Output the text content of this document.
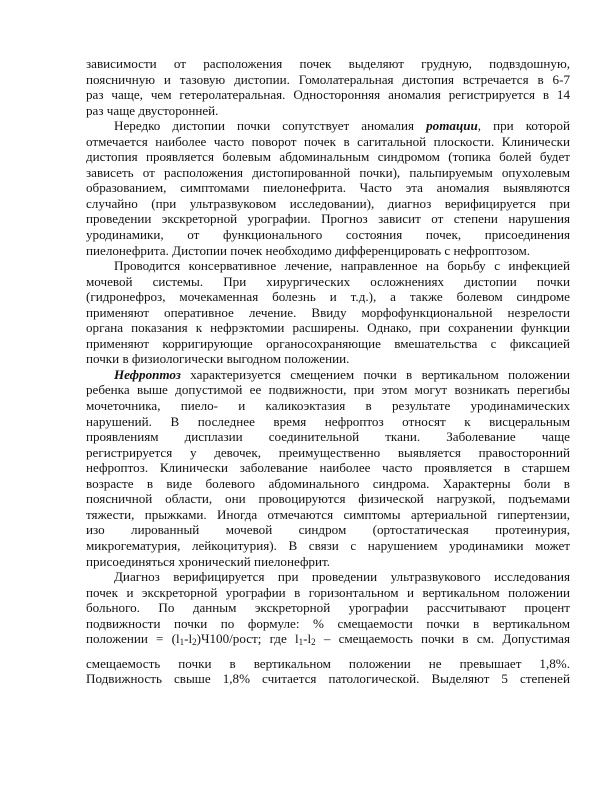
зависимости от расположения почек выделяют грудную, подвздошную,
поясничную и тазовую дистопии. Гомолатеральная дистопия встречается в 6-7
раз чаще, чем гетеролатеральная. Односторонняя аномалия регистрируется в 14
раз чаще двусторонней.

Нередко дистопии почки сопутствует аномалия ротации, при которой
отмечается наиболее часто поворот почек в сагитальной плоскости. Клинически
дистопия проявляется болевым абдоминальным синдромом (топика болей будет
зависеть от расположения дистопированной почки), пальпируемым опухолевым
образованием, симптомами пиелонефрита. Часто эта аномалия выявляются
случайно (при ультразвуковом исследовании), диагноз верифицируется при
проведении экскреторной урографии. Прогноз зависит от степени нарушения
уродинамики, от функционального состояния почек, присоединения
пиелонефрита. Дистопии почек необходимо дифференцировать с нефроптозом.

Проводится консервативное лечение, направленное на борьбу с инфекцией
мочевой системы. При хирургических осложнениях дистопии почки
(гидронефроз, мочекаменная болезнь и т.д.), а также болевом синдроме
применяют оперативное лечение. Ввиду морфофункциональной незрелости
органа показания к нефрэктомии расширены. Однако, при сохранении функции
применяют корригирующие органосохраняющие вмешательства с фиксацией
почки в физиологически выгодном положении.

Нефроптоз характеризуется смещением почки в вертикальном положении
ребенка выше допустимой ее подвижности, при этом могут возникать перегибы
мочеточника, пиело- и каликоэктазия в результате уродинамических
нарушений. В последнее время нефроптоз относят к висцеральным
проявлениям дисплазии соединительной ткани. Заболевание чаще
регистрируется у девочек, преимущественно выявляется правосторонний
нефроптоз. Клинически заболевание наиболее часто проявляется в старшем
возрасте в виде болевого абдоминального синдрома. Характерны боли в
поясничной области, они провоцируются физической нагрузкой, подъемами
тяжести, прыжками. Иногда отмечаются симптомы артериальной гипертензии,
изо лированный мочевой синдром (ортостатическая протеинурия,
микрогематурия, лейкоцитурия). В связи с нарушением уродинамики может
присоединяться хронический пиелонефрит.

Диагноз верифицируется при проведении ультразвукового исследования
почек и экскреторной урографии в горизонтальном и вертикальном положении
больного. По данным экскреторной урографии рассчитывают процент
подвижности почки по формуле: % смещаемости почки в вертикальном
положении = $(l_1-l_2)Ч100$/рост; где $l_1-l_2$ – смещаемость почки в см. Допустимая
смещаемость почки в вертикальном положении не превышает 1,8%.
Подвижность свыше 1,8% считается патологической. Выделяют 5 степеней
